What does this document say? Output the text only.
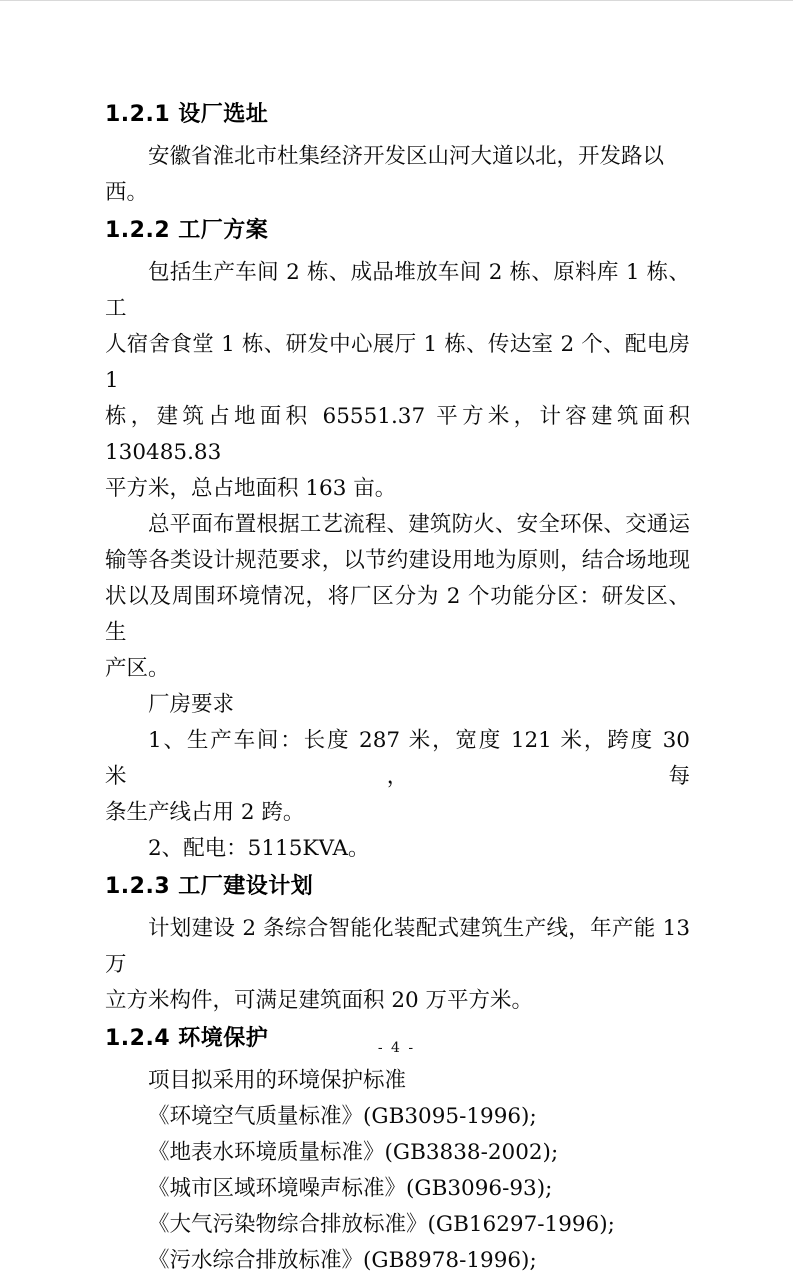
1.2.1 设厂选址
安徽省淮北市杜集经济开发区山河大道以北，开发路以西。
1.2.2 工厂方案
包括生产车间 2 栋、成品堆放车间 2 栋、原料库 1 栋、工
人宿舍食堂 1 栋、研发中心展厅 1 栋、传达室 2 个、配电房 1
栋，建筑占地面积 65551.37 平方米，计容建筑面积 130485.83
平方米，总占地面积 163 亩。
总平面布置根据工艺流程、建筑防火、安全环保、交通运
输等各类设计规范要求，以节约建设用地为原则，结合场地现
状以及周围环境情况，将厂区分为 2 个功能分区：研发区、生
产区。
厂房要求
1、生产车间：长度 287 米，宽度 121 米，跨度 30 米，每
条生产线占用 2 跨。
2、配电：5115KVA。
1.2.3 工厂建设计划
计划建设 2 条综合智能化装配式建筑生产线，年产能 13 万
立方米构件，可满足建筑面积 20 万平方米。
1.2.4 环境保护
项目拟采用的环境保护标准
《环境空气质量标准》(GB3095-1996);
《地表水环境质量标准》(GB3838-2002);
《城市区域环境噪声标准》(GB3096-93);
《大气污染物综合排放标准》(GB16297-1996);
《污水综合排放标准》(GB8978-1996);
- 4 -
